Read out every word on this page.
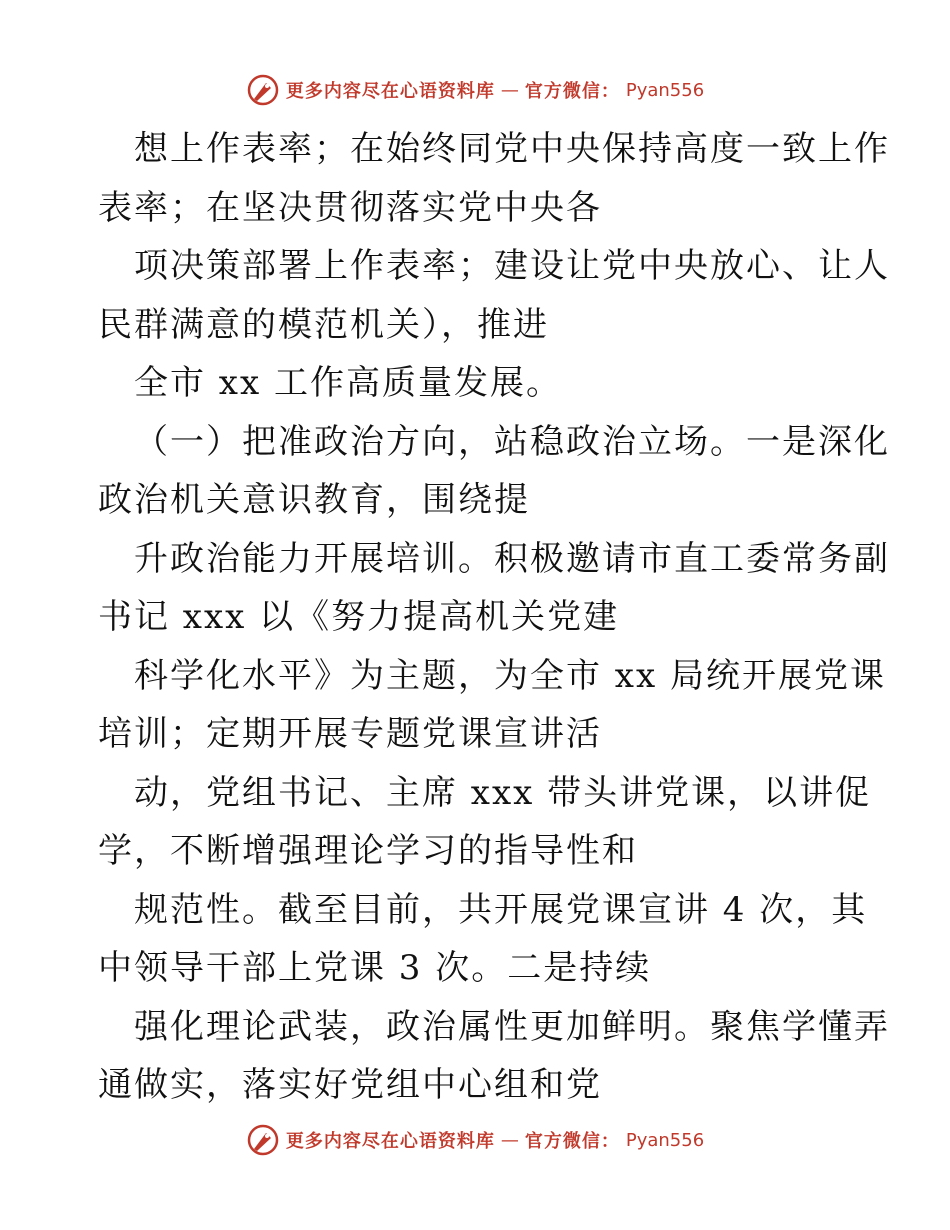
更多内容尽在心语资料库 — 官方微信： Pyan556
想上作表率；在始终同党中央保持高度一致上作
表率；在坚决贯彻落实党中央各
项决策部署上作表率；建设让党中央放心、让人
民群满意的模范机关），推进
全市 xx 工作高质量发展。
（一）把准政治方向，站稳政治立场。一是深化
政治机关意识教育，围绕提
升政治能力开展培训。积极邀请市直工委常务副
书记 xxx 以《努力提高机关党建
科学化水平》为主题，为全市 xx 局统开展党课
培训；定期开展专题党课宣讲活
动，党组书记、主席 xxx 带头讲党课，以讲促
学，不断增强理论学习的指导性和
规范性。截至目前，共开展党课宣讲 4 次，其
中领导干部上党课 3 次。二是持续
强化理论武装，政治属性更加鲜明。聚焦学懂弄
通做实，落实好党组中心组和党
更多内容尽在心语资料库 — 官方微信： Pyan556
